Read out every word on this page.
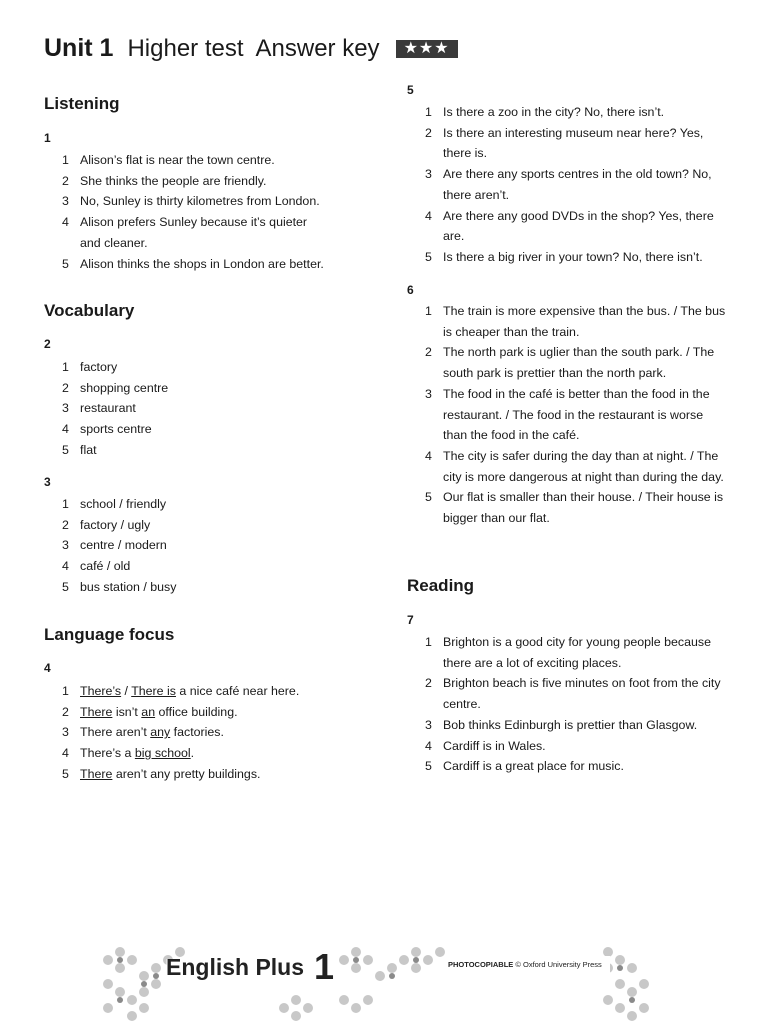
Unit 1 Higher test Answer key	★★★
Listening
1
1 Alison’s flat is near the town centre.
2 She thinks the people are friendly.
3 No, Sunley is thirty kilometres from London.
4 Alison prefers Sunley because it’s quieter and cleaner.
5 Alison thinks the shops in London are better.
Vocabulary
2
1 factory
2 shopping centre
3 restaurant
4 sports centre
5 flat
3
1 school / friendly
2 factory / ugly
3 centre / modern
4 café / old
5 bus station / busy
Language focus
4
1 There’s / There is a nice café near here.
2 There isn’t an office building.
3 There aren’t any factories.
4 There’s a big school.
5 There aren’t any pretty buildings.
5
1 Is there a zoo in the city? No, there isn’t.
2 Is there an interesting museum near here? Yes, there is.
3 Are there any sports centres in the old town? No, there aren’t.
4 Are there any good DVDs in the shop? Yes, there are.
5 Is there a big river in your town? No, there isn’t.
6
1 The train is more expensive than the bus. / The bus is cheaper than the train.
2 The north park is uglier than the south park. / The south park is prettier than the north park.
3 The food in the café is better than the food in the restaurant. / The food in the restaurant is worse than the food in the café.
4 The city is safer during the day than at night. / The city is more dangerous at night than during the day.
5 Our flat is smaller than their house. / Their house is bigger than our flat.
Reading
7
1 Brighton is a good city for young people because there are a lot of exciting places.
2 Brighton beach is five minutes on foot from the city centre.
3 Bob thinks Edinburgh is prettier than Glasgow.
4 Cardiff is in Wales.
5 Cardiff is a great place for music.
English Plus 1	PHOTOCOPIABLE © Oxford University Press
